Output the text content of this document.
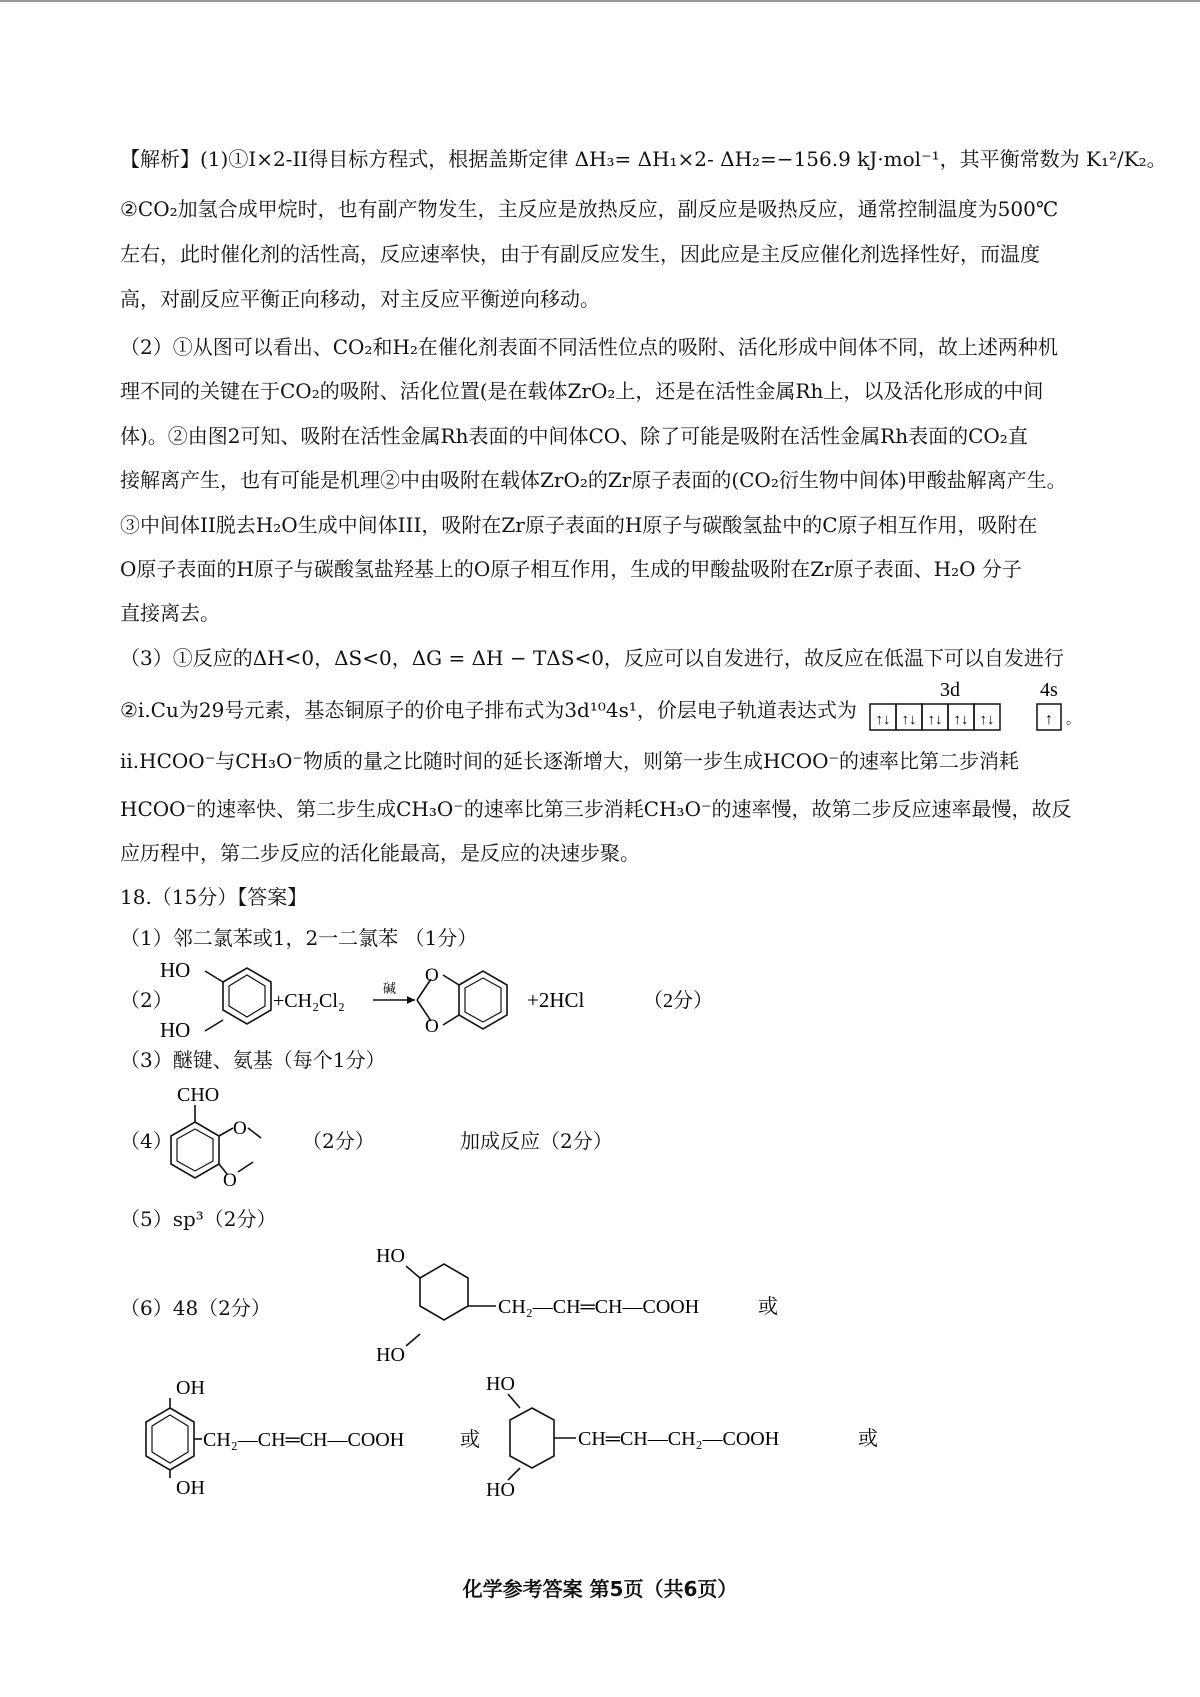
【解析】(1)①I×2-II得目标方程式，根据盖斯定律 ΔH₃= ΔH₁×2- ΔH₂=−156.9 kJ·mol⁻¹，其平衡常数为 K₁²/K₂。
②CO₂加氢合成甲烷时，也有副产物发生，主反应是放热反应，副反应是吸热反应，通常控制温度为500℃
左右，此时催化剂的活性高，反应速率快，由于有副反应发生，因此应是主反应催化剂选择性好，而温度
高，对副反应平衡正向移动，对主反应平衡逆向移动。
（2）①从图可以看出、CO₂和H₂在催化剂表面不同活性位点的吸附、活化形成中间体不同，故上述两种机
理不同的关键在于CO₂的吸附、活化位置(是在载体ZrO₂上，还是在活性金属Rh上，以及活化形成的中间
体)。②由图2可知、吸附在活性金属Rh表面的中间体CO、除了可能是吸附在活性金属Rh表面的CO₂直
接解离产生，也有可能是机理②中由吸附在载体ZrO₂的Zr原子表面的(CO₂衍生物中间体)甲酸盐解离产生。
③中间体II脱去H₂O生成中间体III，吸附在Zr原子表面的H原子与碳酸氢盐中的C原子相互作用，吸附在
O原子表面的H原子与碳酸氢盐羟基上的O原子相互作用，生成的甲酸盐吸附在Zr原子表面、H₂O 分子
直接离去。
（3）①反应的ΔH<0，ΔS<0，ΔG = ΔH − TΔS<0，反应可以自发进行，故反应在低温下可以自发进行
②i.Cu为29号元素，基态铜原子的价电子排布式为3d¹⁰4s¹，价层电子轨道表达式为
3d	4s
↑↓ ↑↓ ↑↓ ↑↓ ↑↓	↑ 。
ii.HCOO⁻与CH₃O⁻物质的量之比随时间的延长逐渐增大，则第一步生成HCOO⁻的速率比第二步消耗
HCOO⁻的速率快、第二步生成CH₃O⁻的速率比第三步消耗CH₃O⁻的速率慢，故第二步反应速率最慢，故反
应历程中，第二步反应的活化能最高，是反应的决速步聚。
18.（15分）【答案】
（1）邻二氯苯或1，2一二氯苯 （1分）
（2）
HO
HO
+CH₂Cl₂
碱
O
O
+2HCl	（2分）
（3）醚键、氨基（每个1分）
（4）
CHO
O
O
（2分）	加成反应（2分）
（5）sp³（2分）
（6）48（2分）
HO
HO
CH₂—CH═CH—COOH	或
OH
OH
CH₂—CH═CH—COOH	或
HO
HO
CH═CH—CH₂—COOH	或
化学参考答案 第5页（共6页）
